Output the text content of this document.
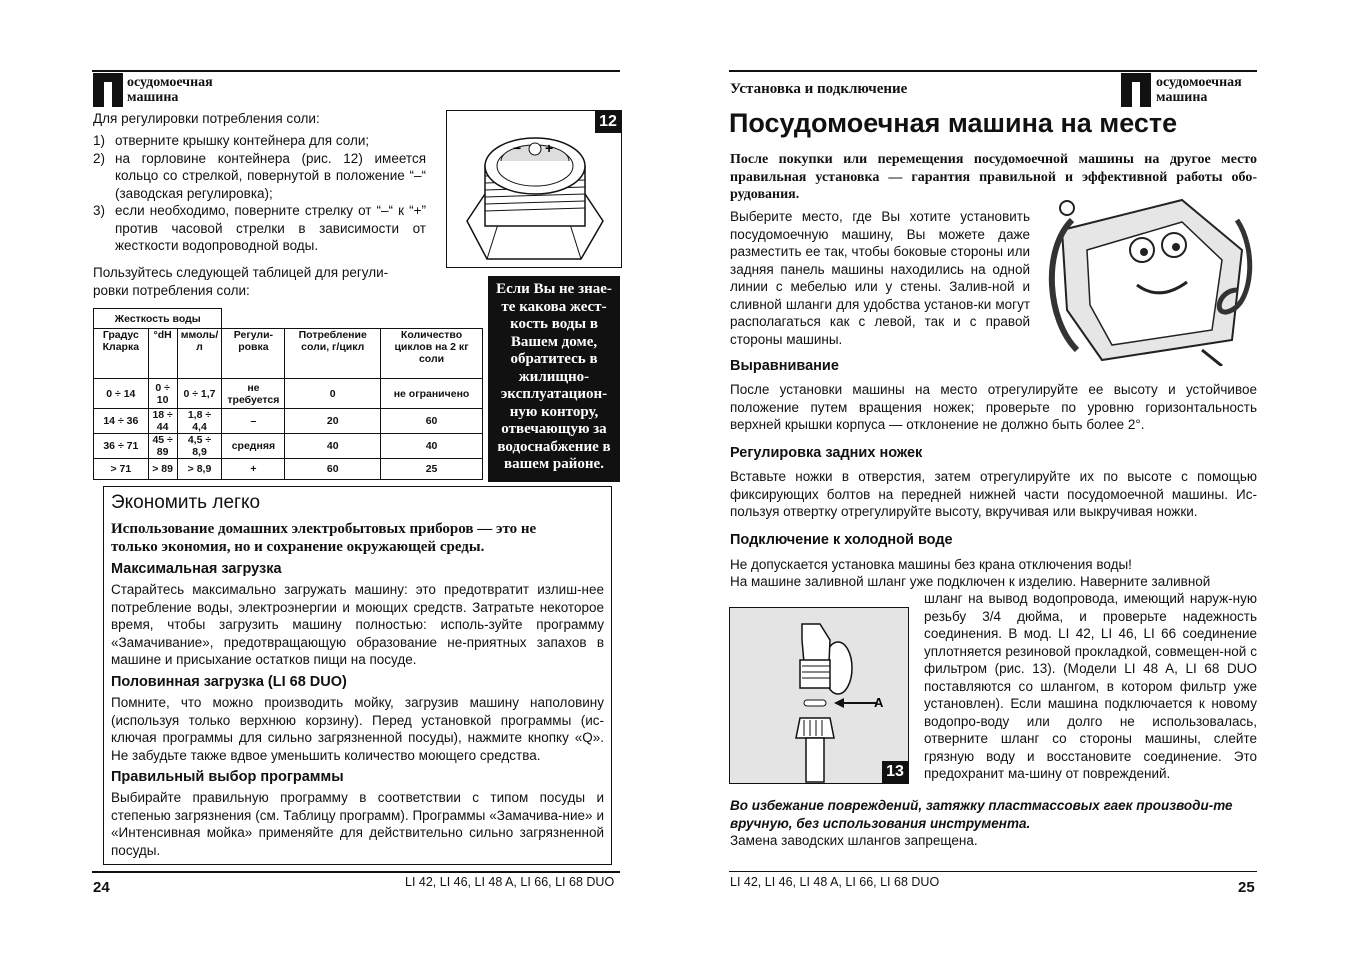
осудомоечная
машина
Для регулировки потребления соли:
1) отверните крышку контейнера для соли;
2) на горловине контейнера (рис. 12) имеется кольцо со стрелкой, повернутой в положение “–“ (заводская регулировка);
3) если необходимо, поверните стрелку от “–“ к “+” против часовой стрелки в зависимости от жесткости водопроводной воды.
− +
12
Пользуйтесь следующей таблицей для регули-ровки потребления соли:
Жесткость воды					
Градус Кларка	°dH	ммоль/л	Регули-ровка	Потребление соли, г/цикл	Количество циклов на 2 кг соли
0 ÷ 14	0 ÷ 10	0 ÷ 1,7	не требуется	0	не ограничено
14 ÷ 36	18 ÷ 44	1,8 ÷ 4,4	–	20	60
36 ÷ 71	45 ÷ 89	4,5 ÷ 8,9	средняя	40	40
> 71	> 89	> 8,9	+	60	25
Если Вы не знае-те какова жест-кость воды в Вашем доме, обратитесь в жилищно-эксплуатацион-ную контору, отвечающую за водоснабжение в вашем районе.
Экономить легко
Использование домашних электробытовых приборов — это не только экономия, но и сохранение окружающей среды.
Максимальная загрузка
Старайтесь максимально загружать машину: это предотвратит излиш-нее потребление воды, электроэнергии и моющих средств. Затратьте некоторое время, чтобы загрузить машину полностью: исполь-зуйте программу «Замачивание», предотвращающую образование не-приятных запахов в машине и присыхание остатков пищи на посуде.
Половинная загрузка (LI 68 DUO)
Помните, что можно производить мойку, загрузив машину наполовину (используя только верхнюю корзину). Перед установкой программы (ис-ключая программы для сильно загрязненной посуды), нажмите кнопку «Q». Не забудьте также вдвое уменьшить количество моющего средства.
Правильный выбор программы
Выбирайте правильную программу в соответствии с типом посуды и степенью загрязнения (см. Таблицу программ). Программы «Замачива-ние» и «Интенсивная мойка» применяйте для действительно сильно загрязненной посуды.
24	LI 42, LI 46, LI 48 A, LI 66, LI 68 DUO
Установка и подключение	осудомоечная
машина
Посудомоечная машина на месте
После покупки или перемещения посудомоечной машины на другое место правильная установка — гарантия правильной и эффективной работы обо-рудования.
Выберите место, где Вы хотите установить посудомоечную машину, Вы можете даже разместить ее так, чтобы боковые стороны или задняя панель машины находились на одной линии с мебелью или у стены. Залив-ной и сливной шланги для удобства установ-ки могут располагаться как с левой, так и с правой стороны машины.
Выравнивание
После установки машины на место отрегулируйте ее высоту и устойчивое положение путем вращения ножек; проверьте по уровню горизонтальность верхней крышки корпуса — отклонение не должно быть более 2°.
Регулировка задних ножек
Вставьте ножки в отверстия, затем отрегулируйте их по высоте с помощью фиксирующих болтов на передней нижней части посудомоечной машины. Ис-пользуя отвертку отрегулируйте высоту, вкручивая или выкручивая ножки.
Подключение к холодной воде
Не допускается установка машины без крана отключения воды!
На машине заливной шланг уже подключен к изделию. Наверните заливной
A
13
шланг на вывод водопровода, имеющий наруж-ную резьбу 3/4 дюйма, и проверьте надежность соединения. В мод. LI 42, LI 46, LI 66 соединение уплотняется резиновой прокладкой, совмещен-ной с фильтром (рис. 13). (Модели LI 48 A, LI 68 DUO поставляются со шлангом, в котором фильтр уже установлен). Если машина подключается к новому водопро-воду или долго не использовалась, отверните шланг со стороны машины, слейте грязную воду и восстановите соединение. Это предохранит ма-шину от повреждений.
Во избежание повреждений, затяжку пластмассовых гаек производи-те вручную, без использования инструмента.
Замена заводских шлангов запрещена.
LI 42, LI 46, LI 48 A, LI 66, LI 68 DUO	25
